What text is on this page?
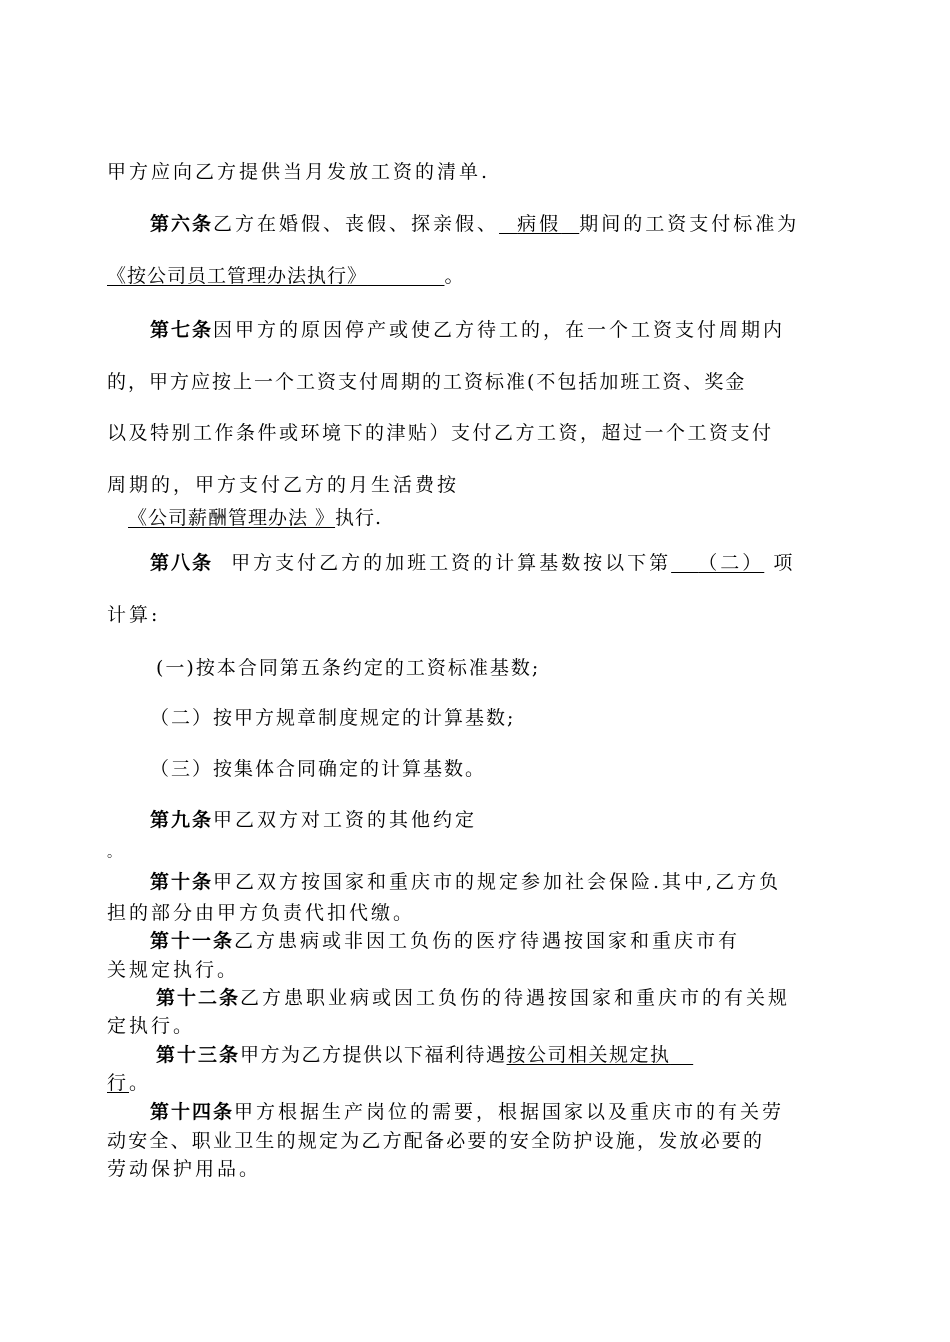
甲方应向乙方提供当月发放工资的清单.
第六条乙方在婚假、丧假、探亲假、 病假 期间的工资支付标准为
《按公司员工管理办法执行》	。
第七条因甲方的原因停产或使乙方待工的，在一个工资支付周期内
的，甲方应按上一个工资支付周期的工资标准(不包括加班工资、奖金
以及特别工作条件或环境下的津贴）支付乙方工资，超过一个工资支付
周期的，甲方支付乙方的月生活费按
《公司薪酬管理办法 》执行.
第八条 甲方支付乙方的加班工资的计算基数按以下第 （二） 项
计算:
(一)按本合同第五条约定的工资标准基数;
（二）按甲方规章制度规定的计算基数;
（三）按集体合同确定的计算基数。
第九条甲乙双方对工资的其他约定
。
第十条甲乙双方按国家和重庆市的规定参加社会保险.其中,乙方负
担的部分由甲方负责代扣代缴。
第十一条乙方患病或非因工负伤的医疗待遇按国家和重庆市有
关规定执行。
第十二条乙方患职业病或因工负伤的待遇按国家和重庆市的有关规
定执行。
第十三条甲方为乙方提供以下福利待遇按公司相关规定执
行。
第十四条甲方根据生产岗位的需要，根据国家以及重庆市的有关劳
动安全、职业卫生的规定为乙方配备必要的安全防护设施，发放必要的
劳动保护用品。
